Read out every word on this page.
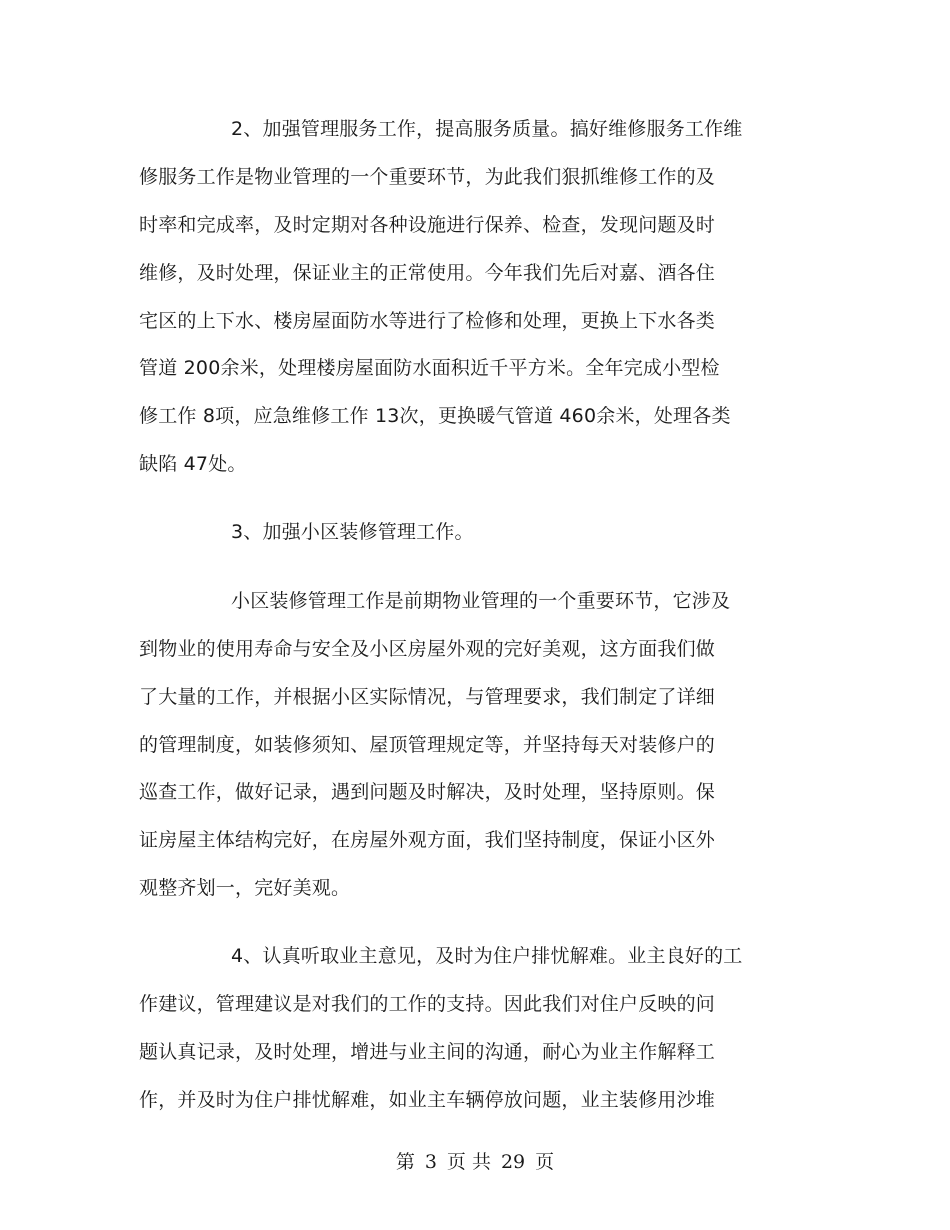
2、加强管理服务工作，提高服务质量。搞好维修服务工作维
修服务工作是物业管理的一个重要环节，为此我们狠抓维修工作的及
时率和完成率，及时定期对各种设施进行保养、检查，发现问题及时
维修，及时处理，保证业主的正常使用。今年我们先后对嘉、酒各住
宅区的上下水、楼房屋面防水等进行了检修和处理，更换上下水各类
管道 200余米，处理楼房屋面防水面积近千平方米。全年完成小型检
修工作 8项，应急维修工作 13次，更换暖气管道 460余米，处理各类
缺陷 47处。
3、加强小区装修管理工作。
小区装修管理工作是前期物业管理的一个重要环节，它涉及
到物业的使用寿命与安全及小区房屋外观的完好美观，这方面我们做
了大量的工作，并根据小区实际情况，与管理要求，我们制定了详细
的管理制度，如装修须知、屋顶管理规定等，并坚持每天对装修户的
巡查工作，做好记录，遇到问题及时解决，及时处理，坚持原则。保
证房屋主体结构完好，在房屋外观方面，我们坚持制度，保证小区外
观整齐划一，完好美观。
4、认真听取业主意见，及时为住户排忧解难。业主良好的工
作建议，管理建议是对我们的工作的支持。因此我们对住户反映的问
题认真记录，及时处理，增进与业主间的沟通，耐心为业主作解释工
作，并及时为住户排忧解难，如业主车辆停放问题，业主装修用沙堆
第 3 页 共 29 页
